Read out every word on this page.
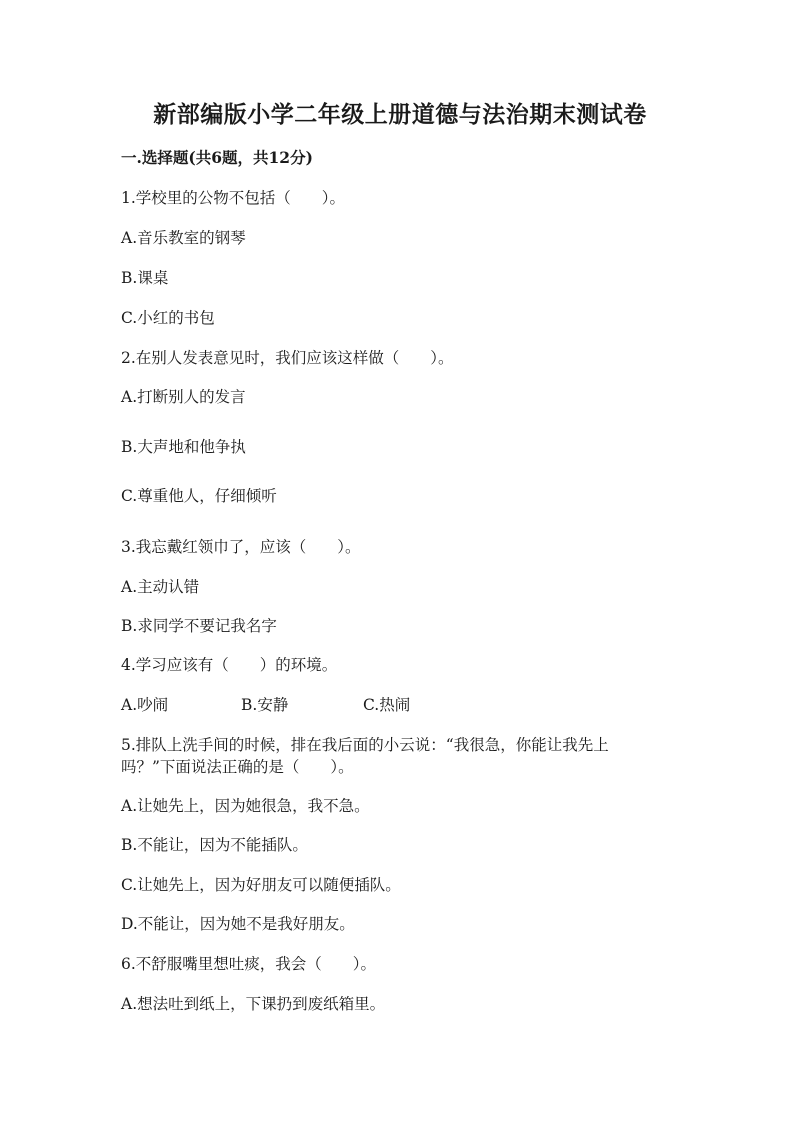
新部编版小学二年级上册道德与法治期末测试卷
一.选择题(共6题，共12分)
1.学校里的公物不包括（　　）。
A.音乐教室的钢琴
B.课桌
C.小红的书包
2.在别人发表意见时，我们应该这样做（　　）。
A.打断别人的发言
B.大声地和他争执
C.尊重他人，仔细倾听
3.我忘戴红领巾了，应该（　　）。
A.主动认错
B.求同学不要记我名字
4.学习应该有（　　）的环境。
A.吵闹	B.安静	C.热闹
5.排队上洗手间的时候，排在我后面的小云说：“我很急，你能让我先上
吗？”下面说法正确的是（　　）。
A.让她先上，因为她很急，我不急。
B.不能让，因为不能插队。
C.让她先上，因为好朋友可以随便插队。
D.不能让，因为她不是我好朋友。
6.不舒服嘴里想吐痰，我会（　　）。
A.想法吐到纸上，下课扔到废纸箱里。
